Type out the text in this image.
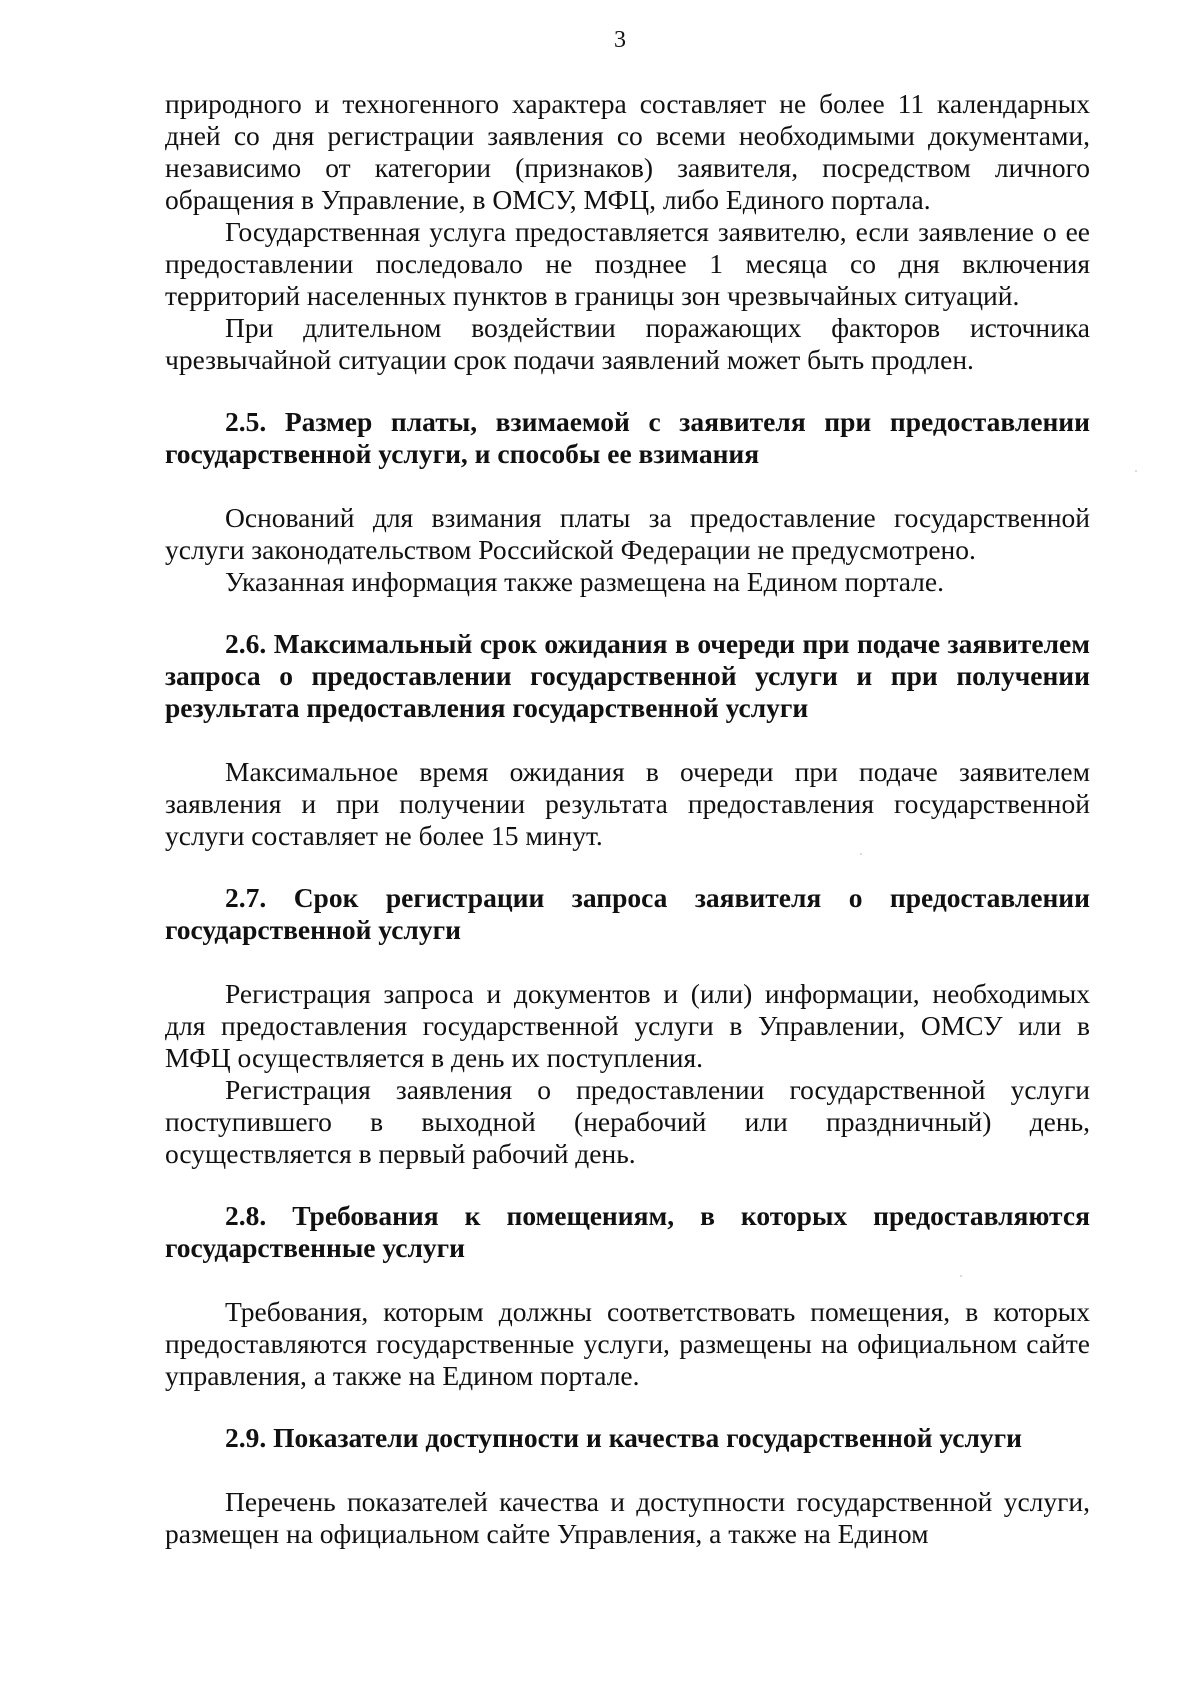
3

природного и техногенного характера составляет не более 11 календарных дней со дня регистрации заявления со всеми необходимыми документами, независимо от категории (признаков) заявителя, посредством личного обращения в Управление, в ОМСУ, МФЦ, либо Единого портала.

Государственная услуга предоставляется заявителю, если заявление о ее предоставлении последовало не позднее 1 месяца со дня включения территорий населенных пунктов в границы зон чрезвычайных ситуаций.

При длительном воздействии поражающих факторов источника чрезвычайной ситуации срок подачи заявлений может быть продлен.

2.5. Размер платы, взимаемой с заявителя при предоставлении государственной услуги, и способы ее взимания

Оснований для взимания платы за предоставление государственной услуги законодательством Российской Федерации не предусмотрено.

Указанная информация также размещена на Едином портале.

2.6. Максимальный срок ожидания в очереди при подаче заявителем запроса о предоставлении государственной услуги и при получении результата предоставления государственной услуги

Максимальное время ожидания в очереди при подаче заявителем заявления и при получении результата предоставления государственной услуги составляет не более 15 минут.

2.7. Срок регистрации запроса заявителя о предоставлении государственной услуги

Регистрация запроса и документов и (или) информации, необходимых для предоставления государственной услуги в Управлении, ОМСУ или в МФЦ осуществляется в день их поступления.

Регистрация заявления о предоставлении государственной услуги поступившего в выходной (нерабочий или праздничный) день, осуществляется в первый рабочий день.

2.8. Требования к помещениям, в которых предоставляются государственные услуги

Требования, которым должны соответствовать помещения, в которых предоставляются государственные услуги, размещены на официальном сайте управления, а также на Едином портале.

2.9. Показатели доступности и качества государственной услуги

Перечень показателей качества и доступности государственной услуги, размещен на официальном сайте Управления, а также на Едином
